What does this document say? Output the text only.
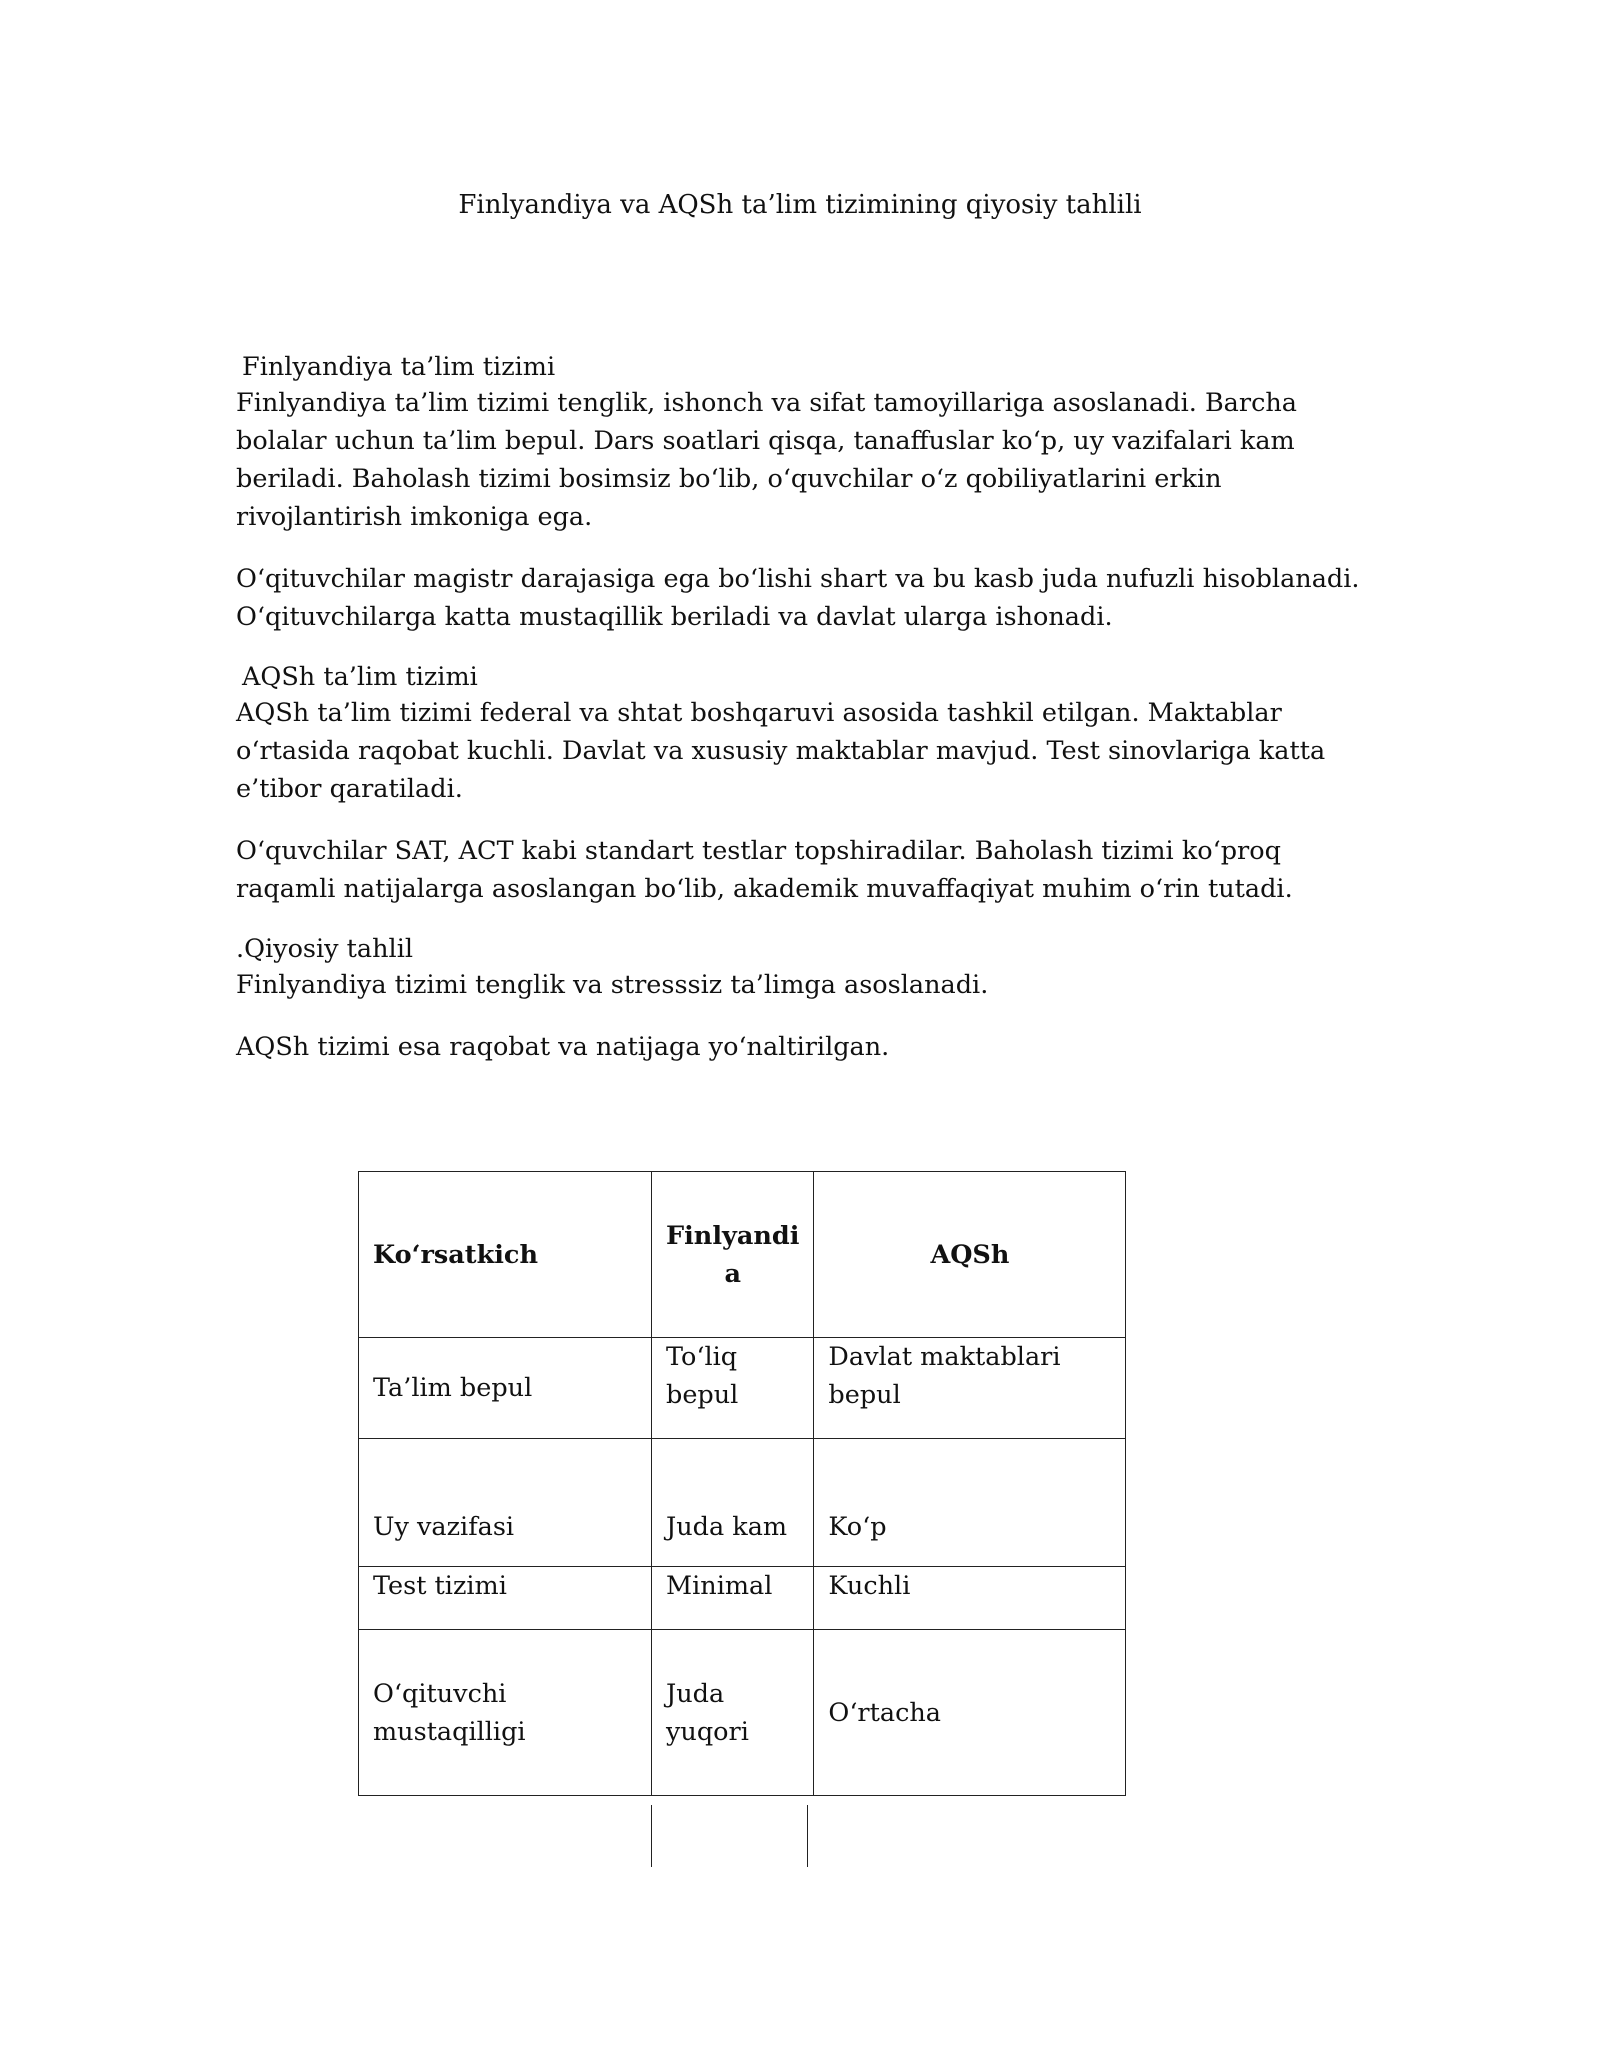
Finlyandiya va AQSh ta’lim tizimining qiyosiy tahlili
Finlyandiya ta’lim tizimi

Finlyandiya ta’lim tizimi tenglik, ishonch va sifat tamoyillariga asoslanadi. Barcha bolalar uchun ta’lim bepul. Dars soatlari qisqa, tanaffuslar koʻp, uy vazifalari kam beriladi. Baholash tizimi bosimsiz boʻlib, oʻquvchilar oʻz qobiliyatlarini erkin rivojlantirish imkoniga ega.

Oʻqituvchilar magistr darajasiga ega boʻlishi shart va bu kasb juda nufuzli hisoblanadi. Oʻqituvchilarga katta mustaqillik beriladi va davlat ularga ishonadi.

AQSh ta’lim tizimi

AQSh ta’lim tizimi federal va shtat boshqaruvi asosida tashkil etilgan. Maktablar oʻrtasida raqobat kuchli. Davlat va xususiy maktablar mavjud. Test sinovlariga katta e’tibor qaratiladi.

Oʻquvchilar SAT, ACT kabi standart testlar topshiradilar. Baholash tizimi koʻproq raqamli natijalarga asoslangan boʻlib, akademik muvaffaqiyat muhim oʻrin tutadi.

.Qiyosiy tahlil

Finlyandiya tizimi tenglik va stresssiz ta’limga asoslanadi.

AQSh tizimi esa raqobat va natijaga yoʻnaltirilgan.

Koʻrsatkich	Finlyandi a	AQSh
Ta’lim bepul	Toʻliq bepul	Davlat maktablari bepul
Uy vazifasi	Juda kam	Koʻp
Test tizimi	Minimal	Kuchli
Oʻqituvchi mustaqilligi	Juda yuqori	Oʻrtacha
